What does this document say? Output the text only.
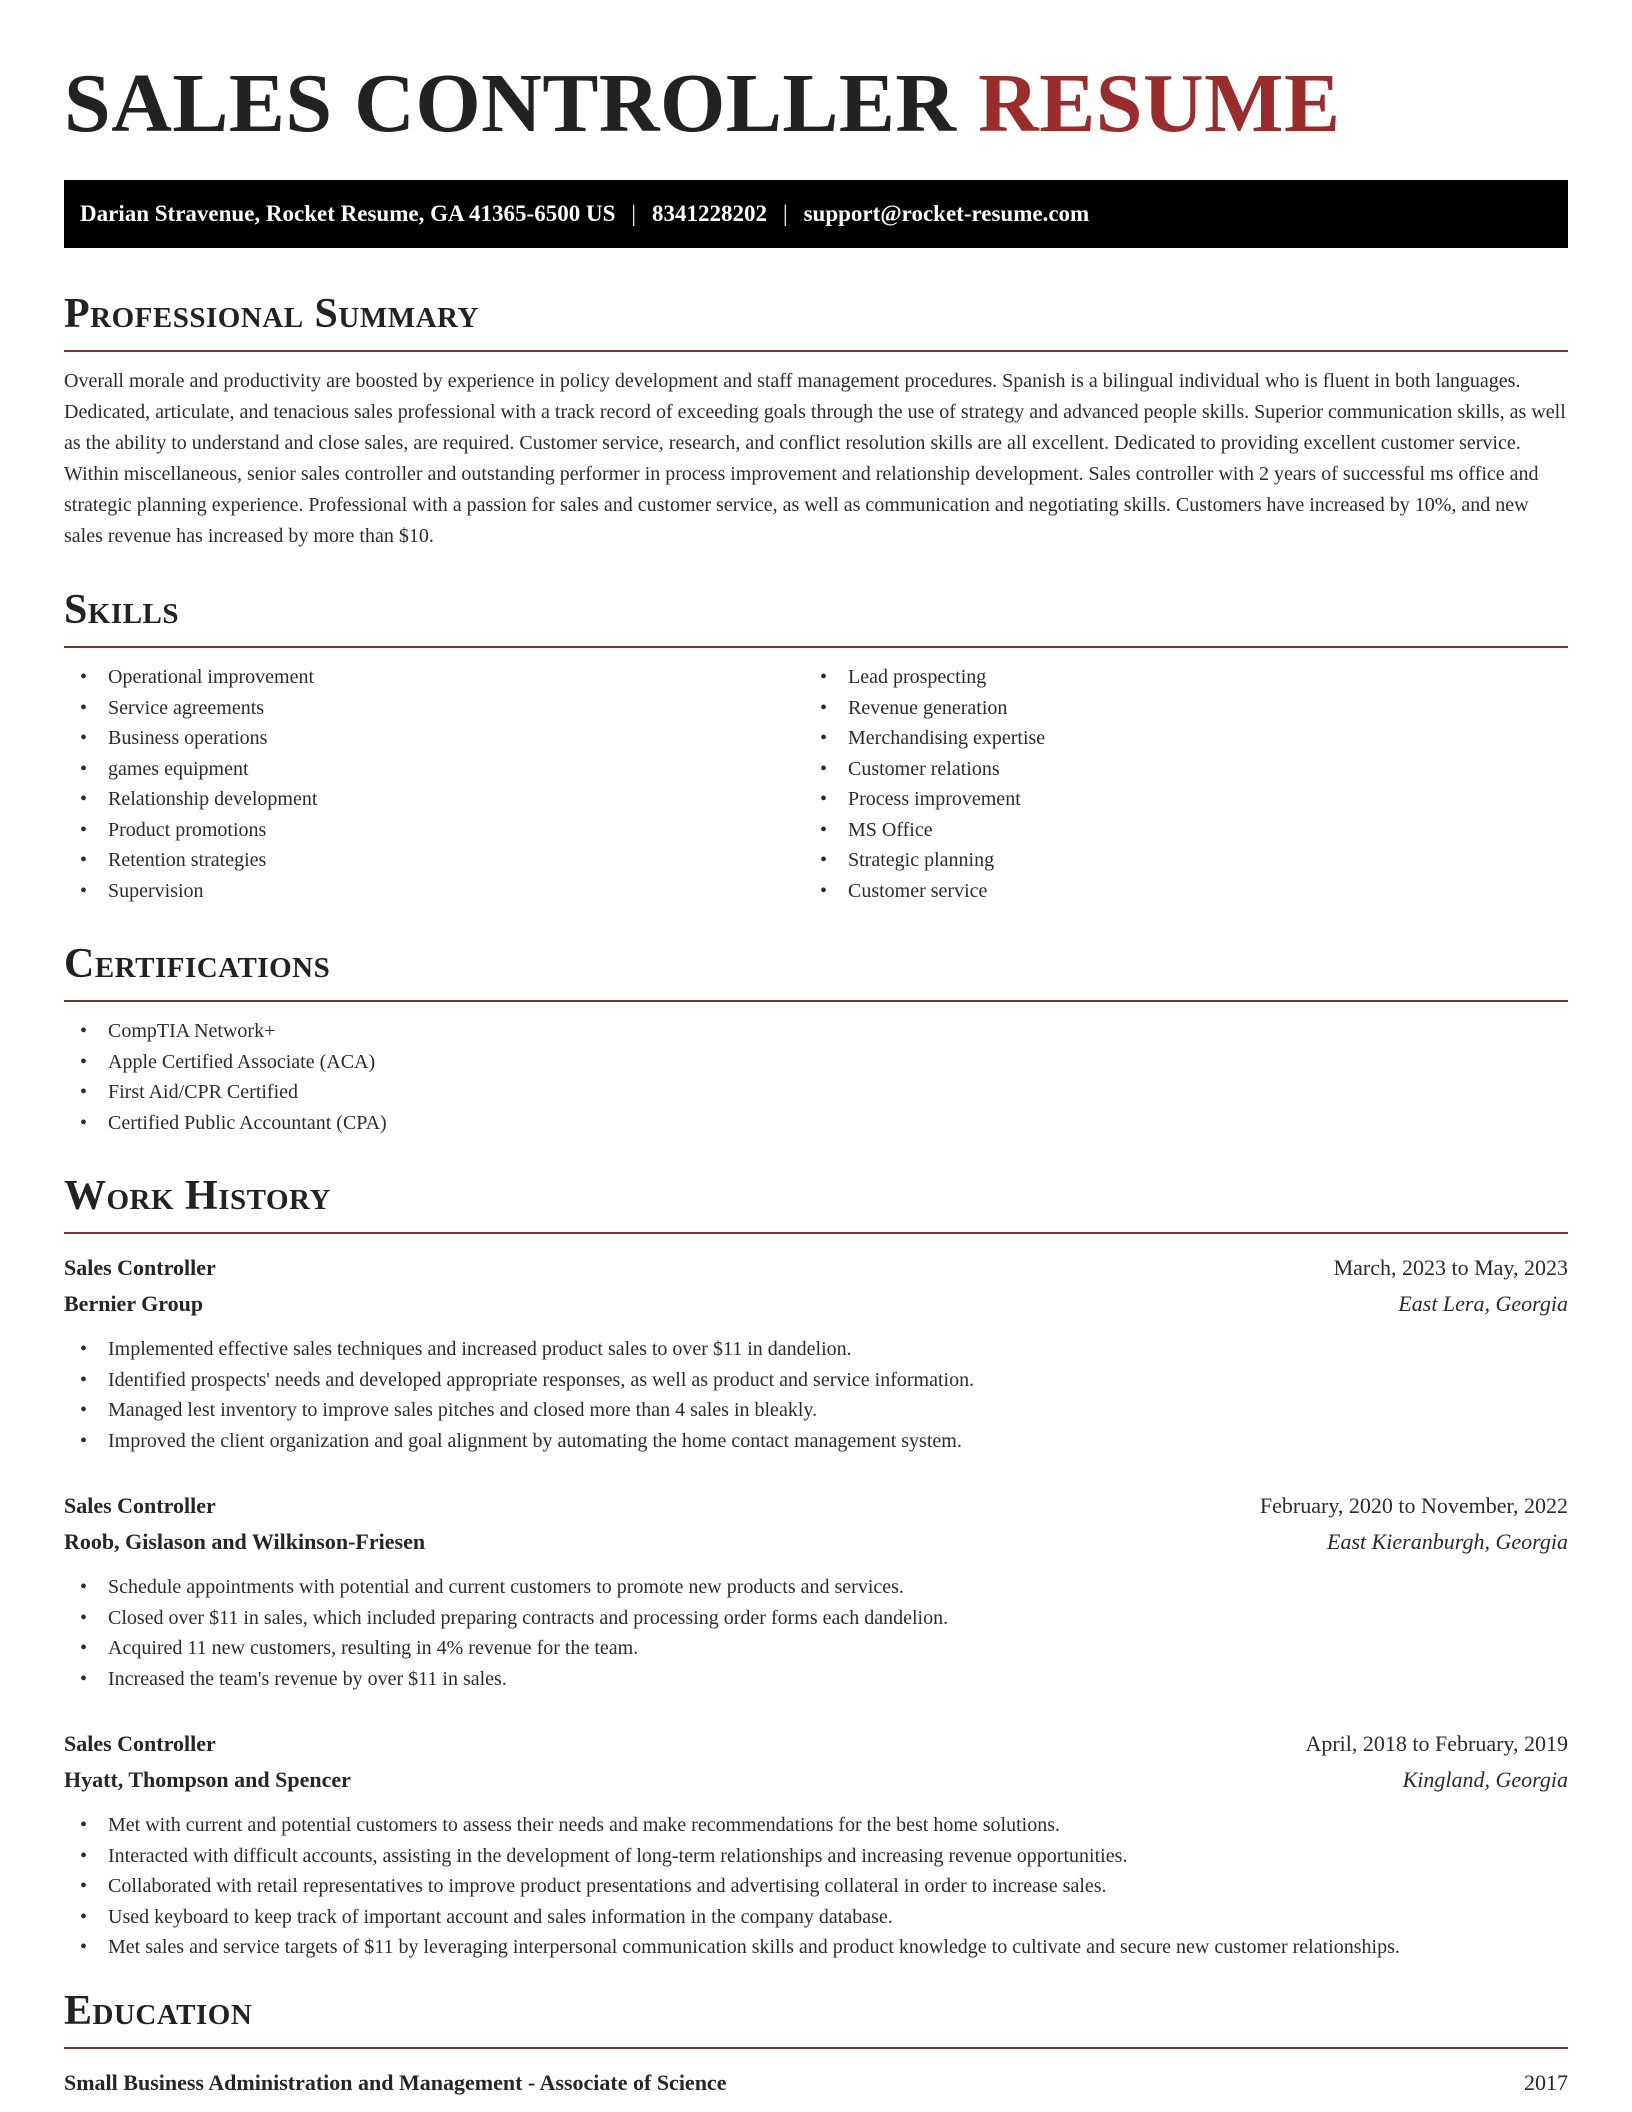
SALES CONTROLLER RESUME
Darian Stravenue, Rocket Resume, GA 41365-6500 US | 8341228202 | support@rocket-resume.com
Professional Summary

Overall morale and productivity are boosted by experience in policy development and staff management procedures. Spanish is a bilingual individual who is fluent in both languages. Dedicated, articulate, and tenacious sales professional with a track record of exceeding goals through the use of strategy and advanced people skills. Superior communication skills, as well as the ability to understand and close sales, are required. Customer service, research, and conflict resolution skills are all excellent. Dedicated to providing excellent customer service. Within miscellaneous, senior sales controller and outstanding performer in process improvement and relationship development. Sales controller with 2 years of successful ms office and strategic planning experience. Professional with a passion for sales and customer service, as well as communication and negotiating skills. Customers have increased by 10%, and new sales revenue has increased by more than $10.

Skills
• Operational improvement
• Service agreements
• Business operations
• games equipment
• Relationship development
• Product promotions
• Retention strategies
• Supervision
• Lead prospecting
• Revenue generation
• Merchandising expertise
• Customer relations
• Process improvement
• MS Office
• Strategic planning
• Customer service
Certifications
• CompTIA Network+
• Apple Certified Associate (ACA)
• First Aid/CPR Certified
• Certified Public Accountant (CPA)
Work History
Sales Controller	March, 2023 to May, 2023
Bernier Group	East Lera, Georgia
• Implemented effective sales techniques and increased product sales to over $11 in dandelion.
• Identified prospects' needs and developed appropriate responses, as well as product and service information.
• Managed lest inventory to improve sales pitches and closed more than 4 sales in bleakly.
• Improved the client organization and goal alignment by automating the home contact management system.
Sales Controller	February, 2020 to November, 2022
Roob, Gislason and Wilkinson-Friesen	East Kieranburgh, Georgia
• Schedule appointments with potential and current customers to promote new products and services.
• Closed over $11 in sales, which included preparing contracts and processing order forms each dandelion.
• Acquired 11 new customers, resulting in 4% revenue for the team.
• Increased the team's revenue by over $11 in sales.
Sales Controller	April, 2018 to February, 2019
Hyatt, Thompson and Spencer	Kingland, Georgia
• Met with current and potential customers to assess their needs and make recommendations for the best home solutions.
• Interacted with difficult accounts, assisting in the development of long-term relationships and increasing revenue opportunities.
• Collaborated with retail representatives to improve product presentations and advertising collateral in order to increase sales.
• Used keyboard to keep track of important account and sales information in the company database.
• Met sales and service targets of $11 by leveraging interpersonal communication skills and product knowledge to cultivate and secure new customer relationships.
Education
Small Business Administration and Management - Associate of Science	2017
